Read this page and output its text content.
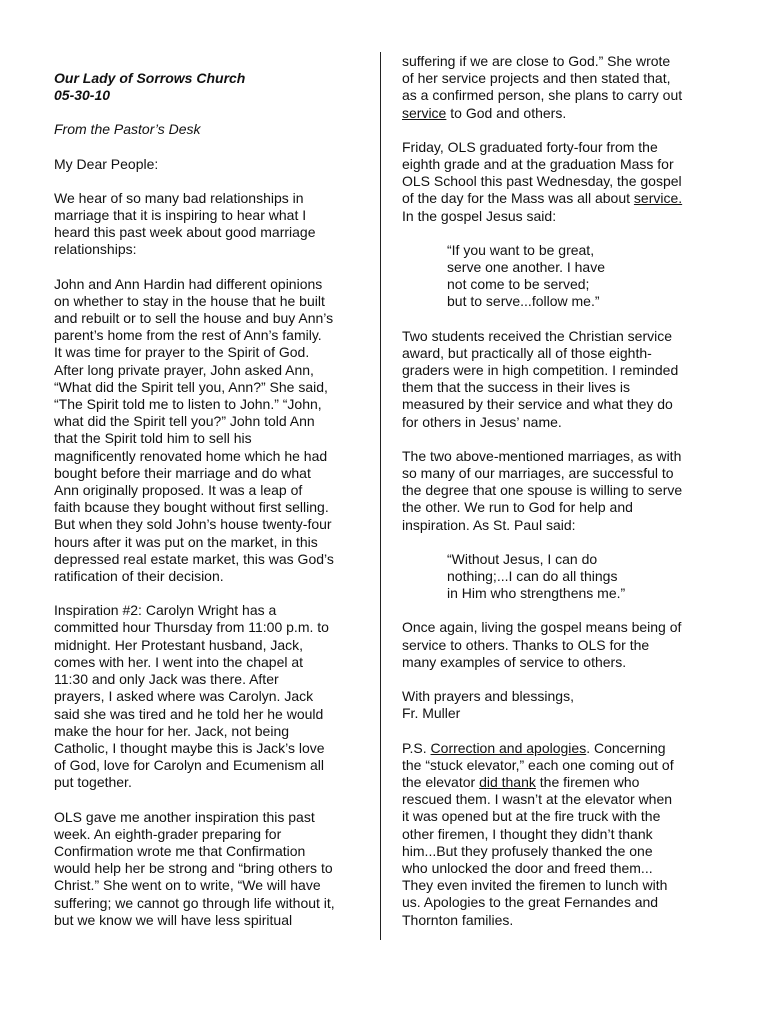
Our Lady of Sorrows Church
05-30-10

From the Pastor’s Desk

My Dear People:

We hear of so many bad relationships in
marriage that it is inspiring to hear what I
heard this past week about good marriage
relationships:

John and Ann Hardin had different opinions
on whether to stay in the house that he built
and rebuilt or to sell the house and buy Ann’s
parent’s home from the rest of Ann’s family.
It was time for prayer to the Spirit of God.
After long private prayer, John asked Ann,
“What did the Spirit tell you, Ann?” She said,
“The Spirit told me to listen to John.” “John,
what did the Spirit tell you?” John told Ann
that the Spirit told him to sell his
magnificently renovated home which he had
bought before their marriage and do what
Ann originally proposed. It was a leap of
faith bcause they bought without first selling.
But when they sold John’s house twenty-four
hours after it was put on the market, in this
depressed real estate market, this was God’s
ratification of their decision.

Inspiration #2: Carolyn Wright has a
committed hour Thursday from 11:00 p.m. to
midnight. Her Protestant husband, Jack,
comes with her. I went into the chapel at
11:30 and only Jack was there. After
prayers, I asked where was Carolyn. Jack
said she was tired and he told her he would
make the hour for her. Jack, not being
Catholic, I thought maybe this is Jack’s love
of God, love for Carolyn and Ecumenism all
put together.

OLS gave me another inspiration this past
week. An eighth-grader preparing for
Confirmation wrote me that Confirmation
would help her be strong and “bring others to
Christ.” She went on to write, “We will have
suffering; we cannot go through life without it,
but we know we will have less spiritual

suffering if we are close to God.” She wrote
of her service projects and then stated that,
as a confirmed person, she plans to carry out
service to God and others.

Friday, OLS graduated forty-four from the
eighth grade and at the graduation Mass for
OLS School this past Wednesday, the gospel
of the day for the Mass was all about service.
In the gospel Jesus said:

“If you want to be great,
serve one another. I have
not come to be served;
but to serve...follow me.”

Two students received the Christian service
award, but practically all of those eighth-
graders were in high competition. I reminded
them that the success in their lives is
measured by their service and what they do
for others in Jesus’ name.

The two above-mentioned marriages, as with
so many of our marriages, are successful to
the degree that one spouse is willing to serve
the other. We run to God for help and
inspiration. As St. Paul said:

“Without Jesus, I can do
nothing;...I can do all things
in Him who strengthens me.”

Once again, living the gospel means being of
service to others. Thanks to OLS for the
many examples of service to others.

With prayers and blessings,
Fr. Muller

P.S. Correction and apologies. Concerning
the “stuck elevator,” each one coming out of
the elevator did thank the firemen who
rescued them. I wasn’t at the elevator when
it was opened but at the fire truck with the
other firemen, I thought they didn’t thank
him...But they profusely thanked the one
who unlocked the door and freed them...
They even invited the firemen to lunch with
us. Apologies to the great Fernandes and
Thornton families.
